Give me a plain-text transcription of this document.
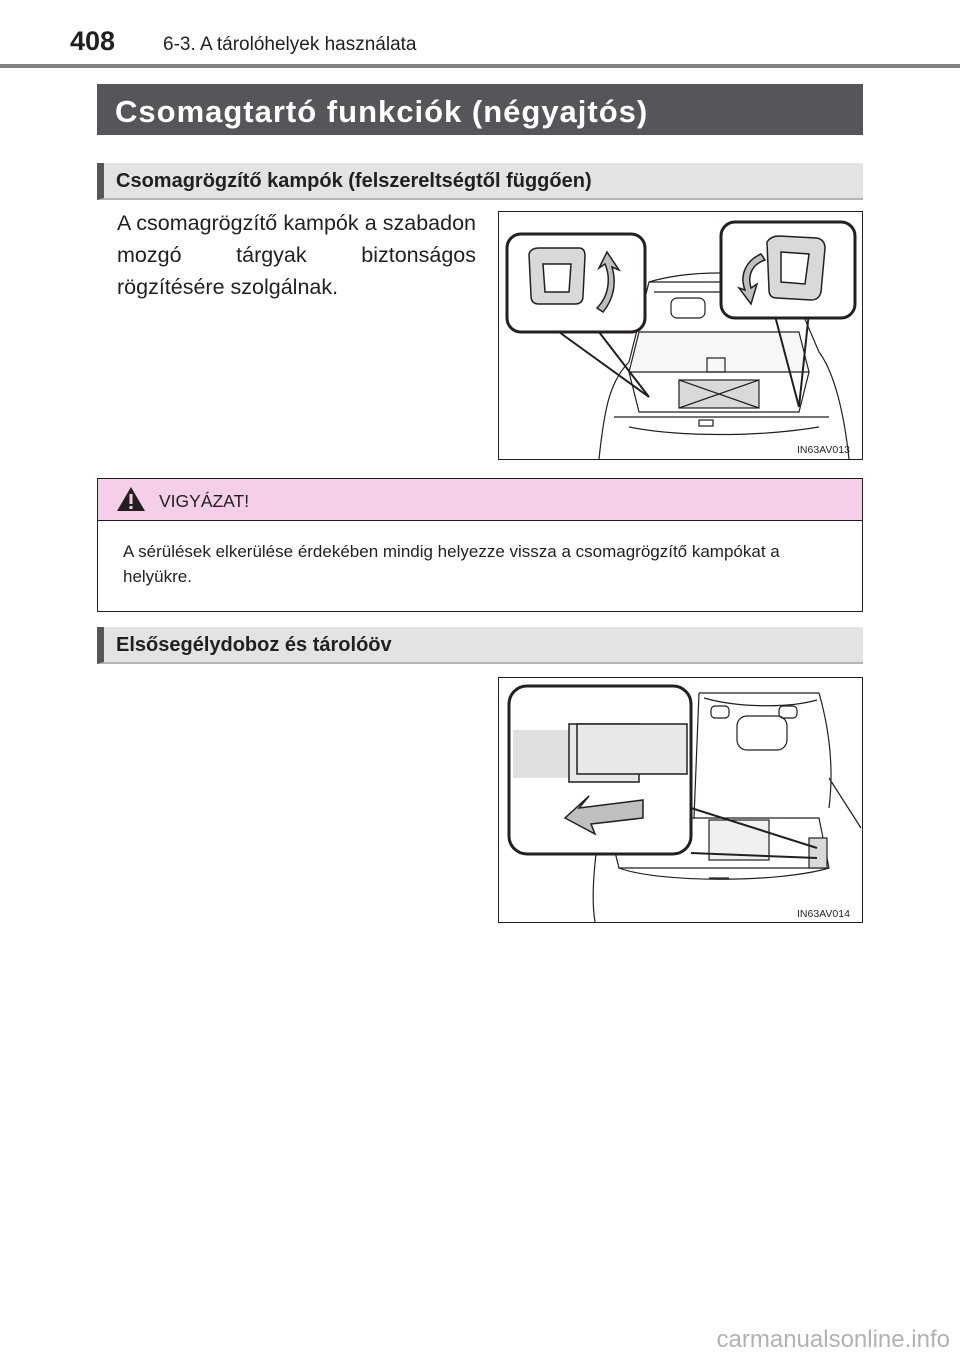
408	6-3. A tárolóhelyek használata
Csomagtartó funkciók (négyajtós)
Csomagrögzítő kampók (felszereltségtől függően)
A csomagrögzítő kampók a szabadon mozgó tárgyak biztonságos rögzítésére szolgálnak.
IN63AV013
VIGYÁZAT!
A sérülések elkerülése érdekében mindig helyezze vissza a csomagrögzítő kampókat a helyükre.
Elsősegélydoboz és tárolóöv
IN63AV014
carmanualsonline.info
